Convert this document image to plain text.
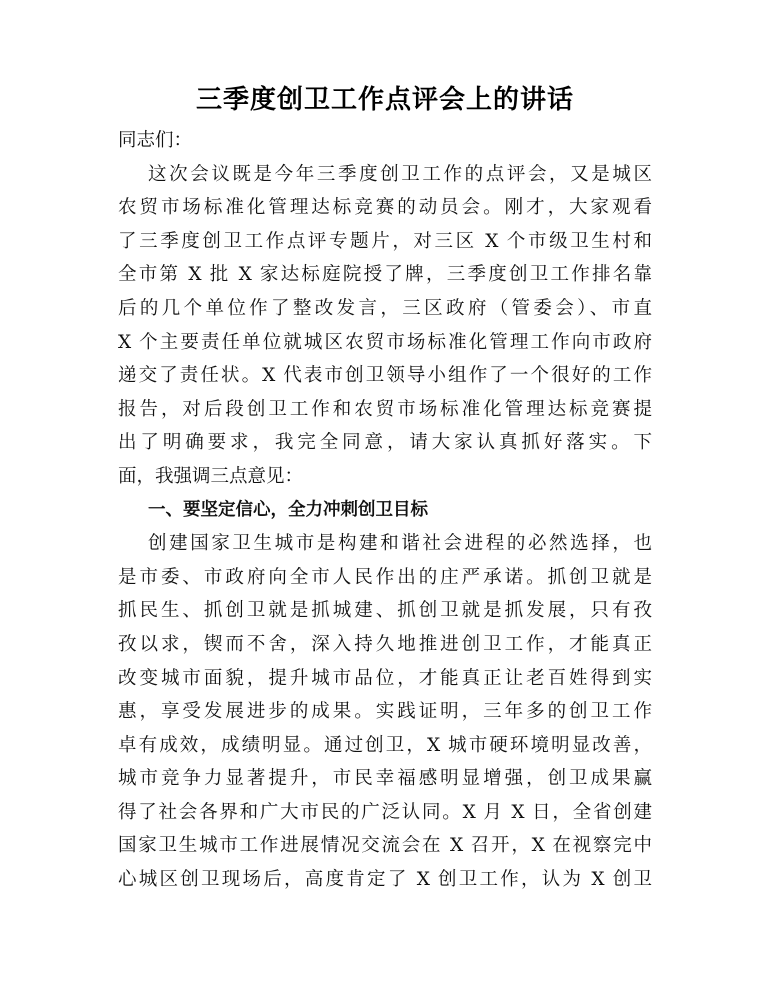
三季度创卫工作点评会上的讲话
同志们：
这次会议既是今年三季度创卫工作的点评会，又是城区
农贸市场标准化管理达标竞赛的动员会。刚才，大家观看
了三季度创卫工作点评专题片，对三区 X 个市级卫生村和
全市第 X 批 X 家达标庭院授了牌，三季度创卫工作排名靠
后的几个单位作了整改发言，三区政府（管委会）、市直
X 个主要责任单位就城区农贸市场标准化管理工作向市政府
递交了责任状。X 代表市创卫领导小组作了一个很好的工作
报告，对后段创卫工作和农贸市场标准化管理达标竞赛提
出了明确要求，我完全同意，请大家认真抓好落实。下
面，我强调三点意见：
一、要坚定信心，全力冲刺创卫目标
创建国家卫生城市是构建和谐社会进程的必然选择，也
是市委、市政府向全市人民作出的庄严承诺。抓创卫就是
抓民生、抓创卫就是抓城建、抓创卫就是抓发展，只有孜
孜以求，锲而不舍，深入持久地推进创卫工作，才能真正
改变城市面貌，提升城市品位，才能真正让老百姓得到实
惠，享受发展进步的成果。实践证明，三年多的创卫工作
卓有成效，成绩明显。通过创卫，X 城市硬环境明显改善，
城市竞争力显著提升，市民幸福感明显增强，创卫成果赢
得了社会各界和广大市民的广泛认同。X 月 X 日，全省创建
国家卫生城市工作进展情况交流会在 X 召开，X 在视察完中
心城区创卫现场后，高度肯定了 X 创卫工作，认为 X 创卫
